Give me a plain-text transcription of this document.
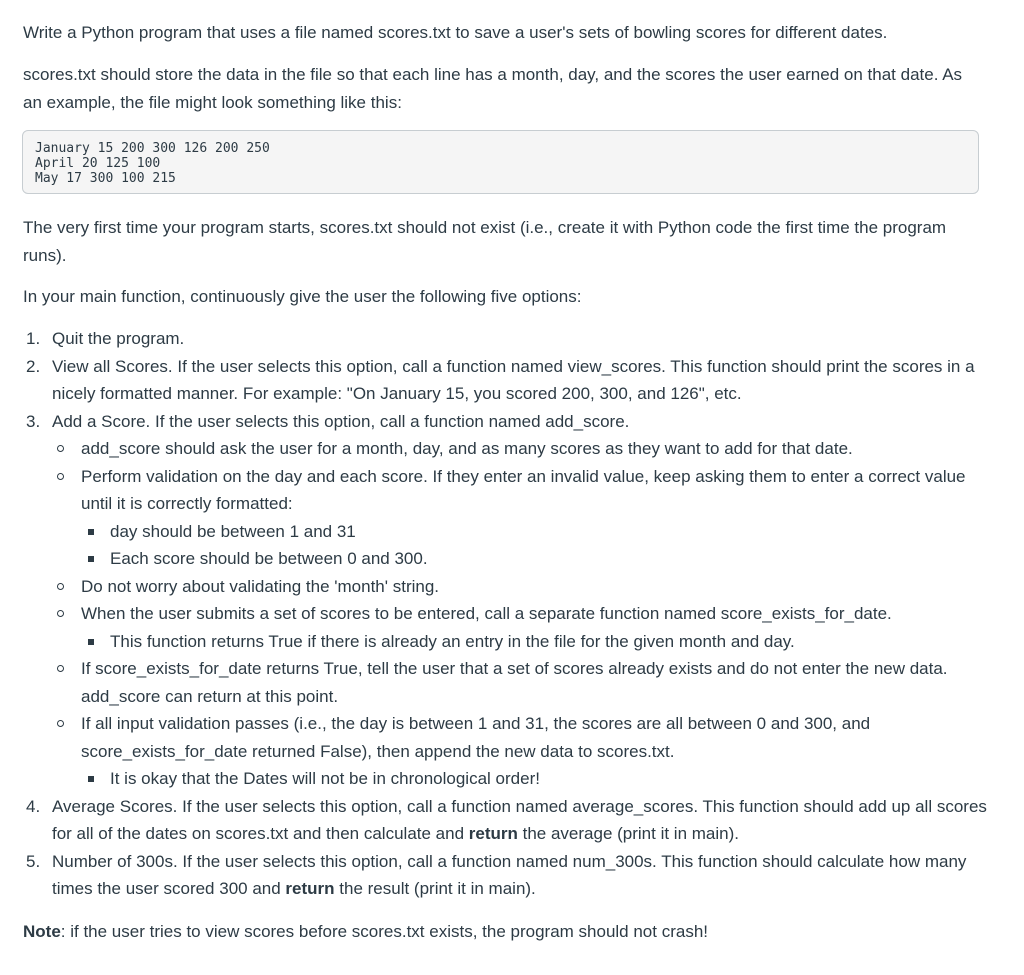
Write a Python program that uses a file named scores.txt to save a user's sets of bowling scores for different dates.

scores.txt should store the data in the file so that each line has a month, day, and the scores the user earned on that date. As an example, the file might look something like this:

January 15 200 300 126 200 250
April 20 125 100
May 17 300 100 215

The very first time your program starts, scores.txt should not exist (i.e., create it with Python code the first time the program runs).

In your main function, continuously give the user the following five options:

1. Quit the program.
2. View all Scores. If the user selects this option, call a function named view_scores. This function should print the scores in a nicely formatted manner. For example: "On January 15, you scored 200, 300, and 126", etc.
3. Add a Score. If the user selects this option, call a function named add_score.
add_score should ask the user for a month, day, and as many scores as they want to add for that date.
Perform validation on the day and each score. If they enter an invalid value, keep asking them to enter a correct value until it is correctly formatted:
day should be between 1 and 31
Each score should be between 0 and 300.
Do not worry about validating the 'month' string.
When the user submits a set of scores to be entered, call a separate function named score_exists_for_date.
This function returns True if there is already an entry in the file for the given month and day.
If score_exists_for_date returns True, tell the user that a set of scores already exists and do not enter the new data. add_score can return at this point.
If all input validation passes (i.e., the day is between 1 and 31, the scores are all between 0 and 300, and score_exists_for_date returned False), then append the new data to scores.txt.
It is okay that the Dates will not be in chronological order!
4. Average Scores. If the user selects this option, call a function named average_scores. This function should add up all scores for all of the dates on scores.txt and then calculate and return the average (print it in main).
5. Number of 300s. If the user selects this option, call a function named num_300s. This function should calculate how many times the user scored 300 and return the result (print it in main).

Note: if the user tries to view scores before scores.txt exists, the program should not crash!
